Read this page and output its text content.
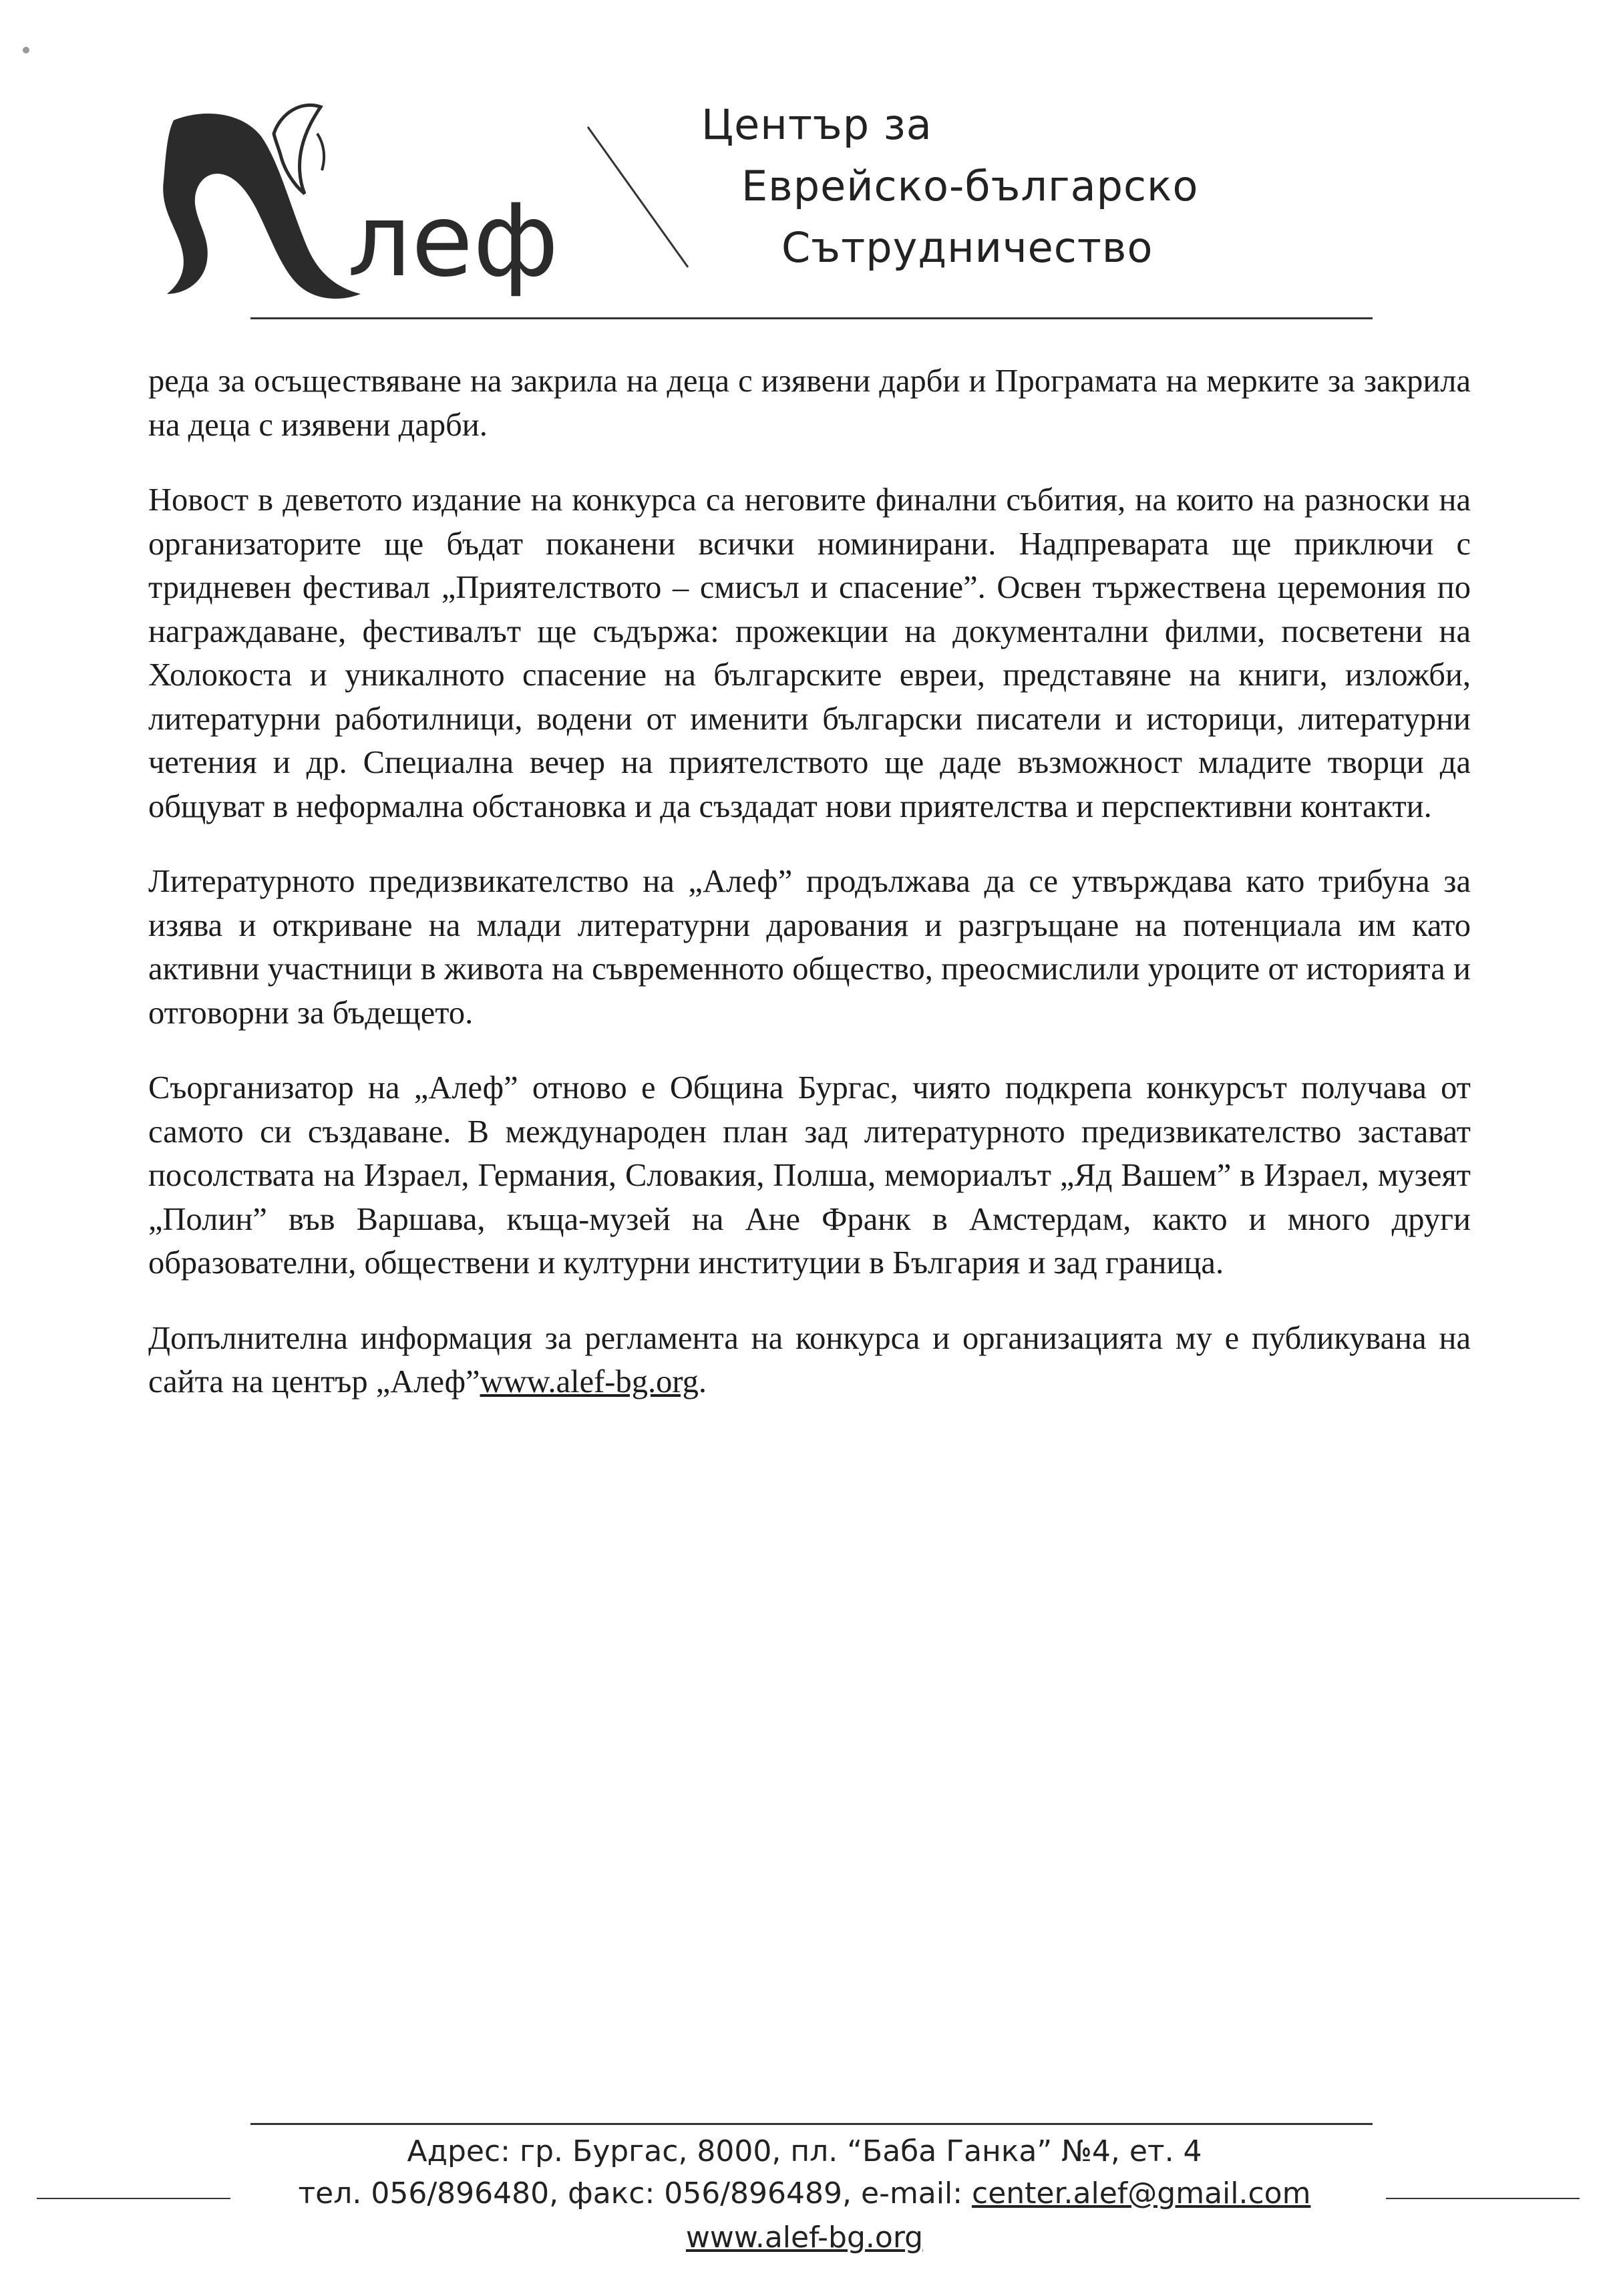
леф
Център за
Еврейско-българско
Сътрудничество

реда за осъществяване на закрила на деца с изявени дарби и Програмата на мерките за закрила на деца с изявени дарби.

Новост в деветото издание на конкурса са неговите финални събития, на които на разноски на организаторите ще бъдат поканени всички номинирани. Надпреварата ще приключи с тридневен фестивал „Приятелството – смисъл и спасение”. Освен тържествена церемония по награждаване, фестивалът ще съдържа: прожекции на документални филми, посветени на Холокоста и уникалното спасение на българските евреи, представяне на книги, изложби, литературни работилници, водени от именити български писатели и историци, литературни четения и др. Специална вечер на приятелството ще даде възможност младите творци да общуват в неформална обстановка и да създадат нови приятелства и перспективни контакти.

Литературното предизвикателство на „Алеф” продължава да се утвърждава като трибуна за изява и откриване на млади литературни дарования и разгръщане на потенциала им като активни участници в живота на съвременното общество, преосмислили уроците от историята и отговорни за бъдещето.

Съорганизатор на „Алеф” отново е Община Бургас, чиято подкрепа конкурсът получава от самото си създаване. В международен план зад литературното предизвикателство застават посолствата на Израел, Германия, Словакия, Полша, мемориалът „Яд Вашем” в Израел, музеят „Полин” във Варшава, къща-музей на Ане Франк в Амстердам, както и много други образователни, обществени и културни институции в България и зад граница.

Допълнителна информация за регламента на конкурса и организацията му е публикувана на сайта на център „Алеф”www.alef-bg.org.

Адрес: гр. Бургас, 8000, пл. “Баба Ганка” №4, ет. 4
тел. 056/896480, факс: 056/896489, e-mail: center.alef@gmail.com
www.alef-bg.org
